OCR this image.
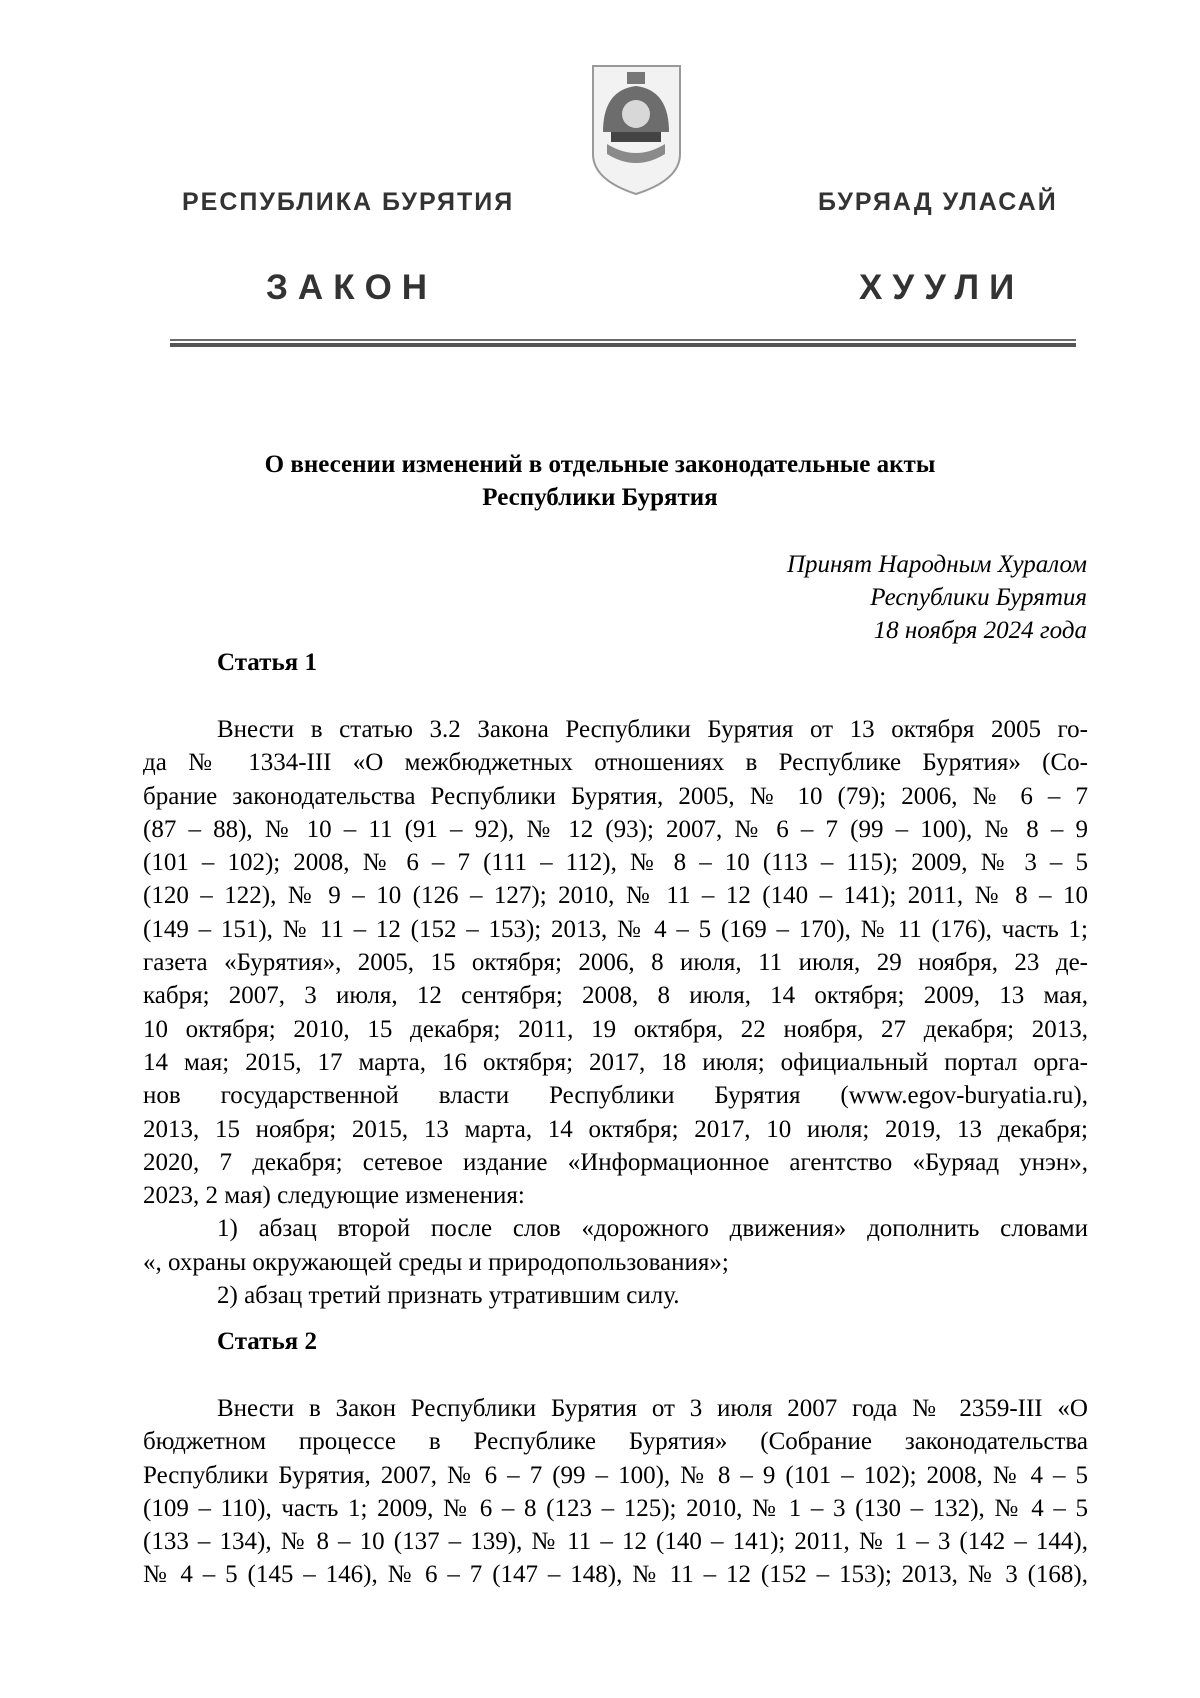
РЕСПУБЛИКА БУРЯТИЯ	БУРЯАД УЛАСАЙ
ЗАКОН	ХУУЛИ
О внесении изменений в отдельные законодательные акты
Республики Бурятия
Принят Народным Хуралом
Республики Бурятия
18 ноября 2024 года
Статья 1
Внести в статью 3.2 Закона Республики Бурятия от 13 октября 2005 го-
да № 1334-III «О межбюджетных отношениях в Республике Бурятия» (Со-
брание законодательства Республики Бурятия, 2005, № 10 (79); 2006, № 6 – 7
(87 – 88), № 10 – 11 (91 – 92), № 12 (93); 2007, № 6 – 7 (99 – 100), № 8 – 9
(101 – 102); 2008, № 6 – 7 (111 – 112), № 8 – 10 (113 – 115); 2009, № 3 – 5
(120 – 122), № 9 – 10 (126 – 127); 2010, № 11 – 12 (140 – 141); 2011, № 8 – 10
(149 – 151), № 11 – 12 (152 – 153); 2013, № 4 – 5 (169 – 170), № 11 (176), часть 1;
газета «Бурятия», 2005, 15 октября; 2006, 8 июля, 11 июля, 29 ноября, 23 де-
кабря; 2007, 3 июля, 12 сентября; 2008, 8 июля, 14 октября; 2009, 13 мая,
10 октября; 2010, 15 декабря; 2011, 19 октября, 22 ноября, 27 декабря; 2013,
14 мая; 2015, 17 марта, 16 октября; 2017, 18 июля; официальный портал орга-
нов государственной власти Республики Бурятия (www.egov-buryatia.ru),
2013, 15 ноября; 2015, 13 марта, 14 октября; 2017, 10 июля; 2019, 13 декабря;
2020, 7 декабря; сетевое издание «Информационное агентство «Буряад унэн»,
2023, 2 мая) следующие изменения:
1) абзац второй после слов «дорожного движения» дополнить словами
«, охраны окружающей среды и природопользования»;
2) абзац третий признать утратившим силу.
Статья 2
Внести в Закон Республики Бурятия от 3 июля 2007 года № 2359-III «О
бюджетном процессе в Республике Бурятия» (Собрание законодательства
Республики Бурятия, 2007, № 6 – 7 (99 – 100), № 8 – 9 (101 – 102); 2008, № 4 – 5
(109 – 110), часть 1; 2009, № 6 – 8 (123 – 125); 2010, № 1 – 3 (130 – 132), № 4 – 5
(133 – 134), № 8 – 10 (137 – 139), № 11 – 12 (140 – 141); 2011, № 1 – 3 (142 – 144),
№ 4 – 5 (145 – 146), № 6 – 7 (147 – 148), № 11 – 12 (152 – 153); 2013, № 3 (168),
